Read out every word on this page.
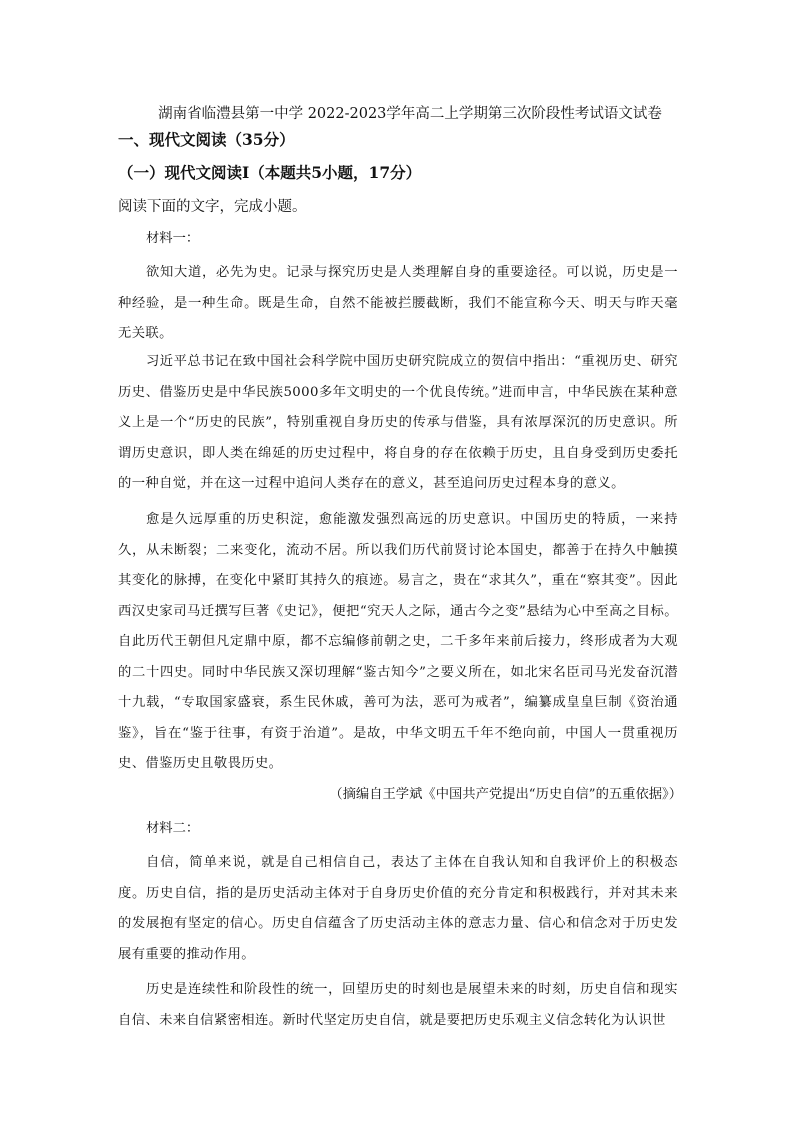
湖南省临澧县第一中学 2022-2023学年高二上学期第三次阶段性考试语文试卷
一、现代文阅读（35分）
（一）现代文阅读Ⅰ（本题共5小题，17分）
阅读下面的文字，完成小题。
材料一：

欲知大道，必先为史。记录与探究历史是人类理解自身的重要途径。可以说，历史是一种经验，是一种生命。既是生命，自然不能被拦腰截断，我们不能宣称今天、明天与昨天毫无关联。

习近平总书记在致中国社会科学院中国历史研究院成立的贺信中指出：“重视历史、研究历史、借鉴历史是中华民族5000多年文明史的一个优良传统。”进而申言，中华民族在某种意义上是一个“历史的民族”，特别重视自身历史的传承与借鉴，具有浓厚深沉的历史意识。所谓历史意识，即人类在绵延的历史过程中，将自身的存在依赖于历史，且自身受到历史委托的一种自觉，并在这一过程中追问人类存在的意义，甚至追问历史过程本身的意义。

愈是久远厚重的历史积淀，愈能激发强烈高远的历史意识。中国历史的特质，一来持久，从未断裂；二来变化，流动不居。所以我们历代前贤讨论本国史，都善于在持久中触摸其变化的脉搏，在变化中紧盯其持久的痕迹。易言之，贵在“求其久”，重在“察其变”。因此西汉史家司马迁撰写巨著《史记》，便把“究天人之际，通古今之变”悬结为心中至高之目标。自此历代王朝但凡定鼎中原，都不忘编修前朝之史，二千多年来前后接力，终形成者为大观的二十四史。同时中华民族又深切理解“鉴古知今”之要义所在，如北宋名臣司马光发奋沉潜十九载，“专取国家盛衰，系生民休戚，善可为法，恶可为戒者”，编纂成皇皇巨制《资治通鉴》，旨在“鉴于往事，有资于治道”。是故，中华文明五千年不绝向前，中国人一贯重视历史、借鉴历史且敬畏历史。

（摘编自王学斌《中国共产党提出“历史自信”的五重依据》）
材料二：

自信，简单来说，就是自己相信自己，表达了主体在自我认知和自我评价上的积极态度。历史自信，指的是历史活动主体对于自身历史价值的充分肯定和积极践行，并对其未来的发展抱有坚定的信心。历史自信蕴含了历史活动主体的意志力量、信心和信念对于历史发展有重要的推动作用。

历史是连续性和阶段性的统一，回望历史的时刻也是展望未来的时刻，历史自信和现实自信、未来自信紧密相连。新时代坚定历史自信，就是要把历史乐观主义信念转化为认识世
